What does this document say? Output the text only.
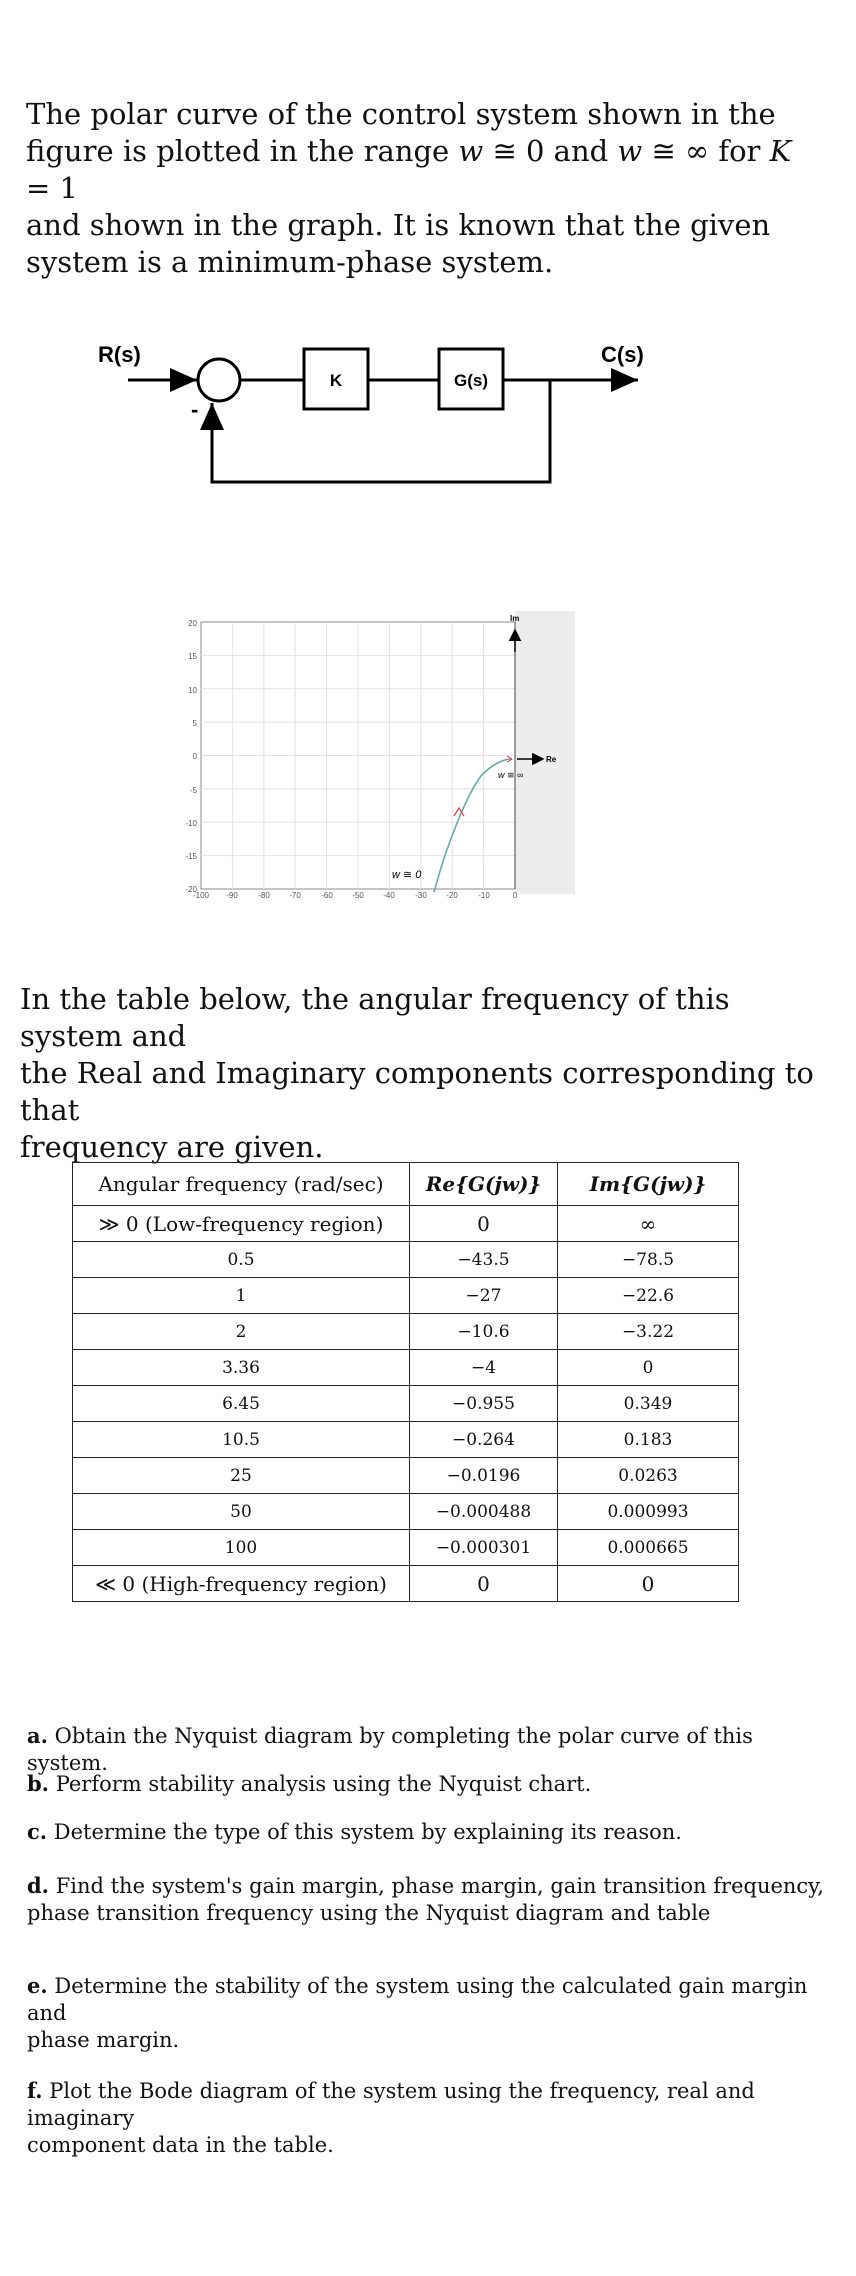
The polar curve of the control system shown in the
figure is plotted in the range w ≅ 0 and w ≅ ∞ for K = 1
and shown in the graph. It is known that the given
system is a minimum-phase system.

R(s)
K	G(s)
C(s)
-
20
15
10
5
0
-5
-10
-15
-20
-100 -90	-80 -70	-60 -50 -40	-30 -20	-10	0
Im
Re
w ≅ 0
w ≅ ∞

In the table below, the angular frequency of this system and
the Real and Imaginary components corresponding to that
frequency are given.

Angular frequency (rad/sec)	Re{G(jw)}	Im{G(jw)}
≫ 0 (Low-frequency region)	0	∞
0.5	−43.5	−78.5
1	−27	−22.6
2	−10.6	−3.22
3.36	−4	0
6.45	−0.955	0.349
10.5	−0.264	0.183
25	−0.0196	0.0263
50	−0.000488	0.000993
100	−0.000301	0.000665
≪ 0 (High-frequency region)	0	0

a. Obtain the Nyquist diagram by completing the polar curve of this system.

b. Perform stability analysis using the Nyquist chart.

c. Determine the type of this system by explaining its reason.

d. Find the system's gain margin, phase margin, gain transition frequency,
phase transition frequency using the Nyquist diagram and table

e. Determine the stability of the system using the calculated gain margin and
phase margin.

f. Plot the Bode diagram of the system using the frequency, real and imaginary
component data in the table.
